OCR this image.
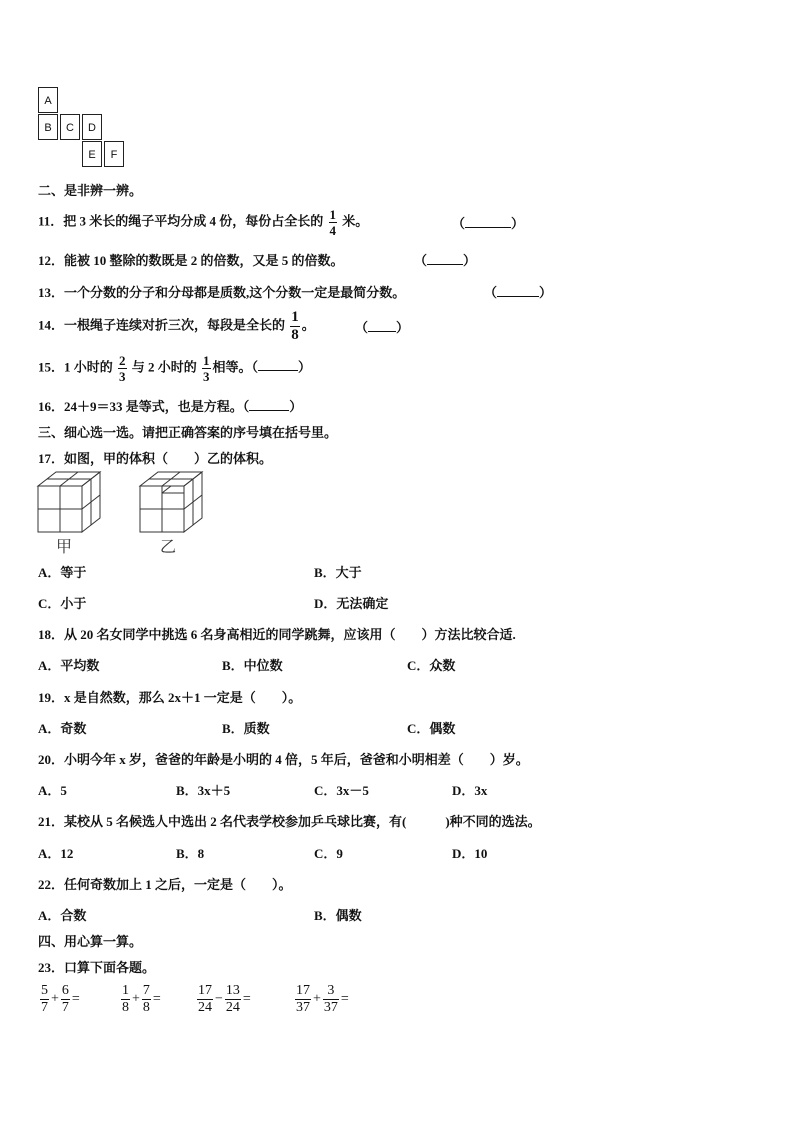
A
B	C	D
E	F
二、是非辨一辨。
11．把 3 米长的绳子平均分成 4 份，每份占全长的 $\frac{1}{4}$ 米。	（	）
12．能被 10 整除的数既是 2 的倍数，又是 5 的倍数。	（	）
13．一个分数的分子和分母都是质数,这个分数一定是最简分数。	（	）
14．一根绳子连续对折三次，每段是全长的 $\frac{1}{8}$ 。	（ ）
15．1 小时的 $\frac{2}{3}$ 与 2 小时的 $\frac{1}{3}$ 相等。（	）
16．24＋9＝33 是等式，也是方程。（	）
三、细心选一选。请把正确答案的序号填在括号里。
17．如图，甲的体积（　　）乙的体积。
甲	乙
A．等于	B．大于
C．小于	D．无法确定
18．从 20 名女同学中挑选 6 名身高相近的同学跳舞，应该用（　　）方法比较合适.
A．平均数	B．中位数	C．众数
19．x 是自然数，那么 2x＋1 一定是（　　）。
A．奇数	B．质数	C．偶数
20．小明今年 x 岁，爸爸的年龄是小明的 4 倍，5 年后，爸爸和小明相差（　　）岁。
A．5	B．3x＋5	C．3x－5	D．3x
21．某校从 5 名候选人中选出 2 名代表学校参加乒乓球比赛，有(　　　)种不同的选法。
A．12	B．8	C．9	D．10
22．任何奇数加上 1 之后，一定是（　　）。
A．合数	B．偶数
四、用心算一算。
23．口算下面各题。
$\frac{5}{7} + \frac{6}{7}$ =	$\frac{1}{8} + \frac{7}{8}$ =	$\frac{17}{24} - \frac{13}{24}$ =	$\frac{17}{37} + \frac{3}{37}$ =
